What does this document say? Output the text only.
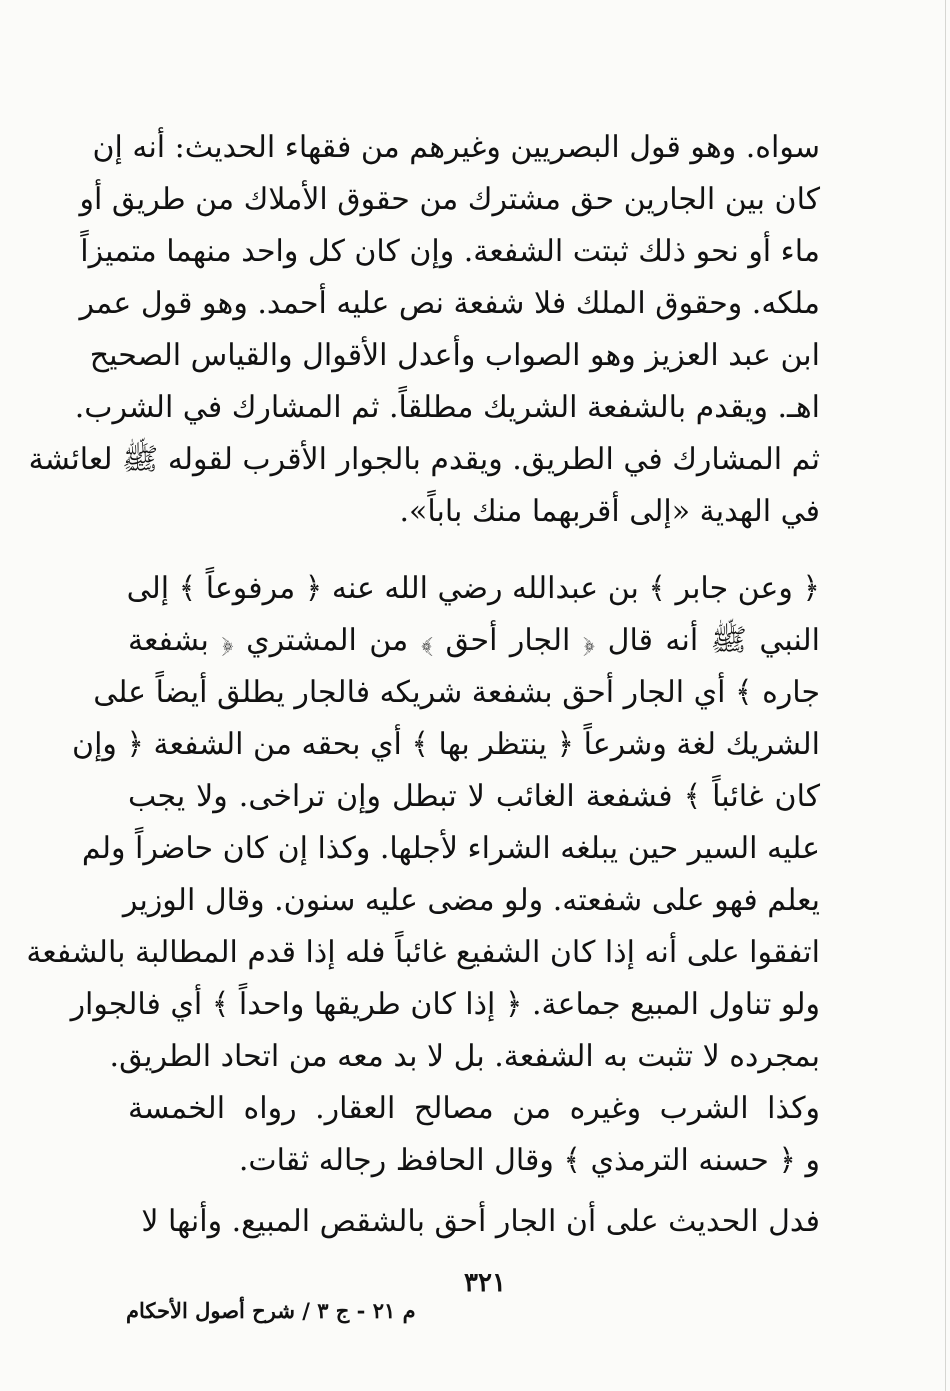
سواه. وهو قول البصريين وغيرهم من فقهاء الحديث: أنه إن
كان بين الجارين حق مشترك من حقوق الأملاك من طريق أو
ماء أو نحو ذلك ثبتت الشفعة. وإن كان كل واحد منهما متميزاً
ملكه. وحقوق الملك فلا شفعة نص عليه أحمد. وهو قول عمر
ابن عبد العزيز وهو الصواب وأعدل الأقوال والقياس الصحيح
اهـ. ويقدم بالشفعة الشريك مطلقاً. ثم المشارك في الشرب.
ثم المشارك في الطريق. ويقدم بالجوار الأقرب لقوله ﷺ لعائشة
في الهدية «إلى أقربهما منك باباً».
﴿ وعن جابر ﴾ بن عبدالله رضي الله عنه ﴿ مرفوعاً ﴾ إلى
النبي ﷺ أنه قال ﴿ الجار أحق ﴾ من المشتري ﴿ بشفعة
جاره ﴾ أي الجار أحق بشفعة شريكه فالجار يطلق أيضاً على
الشريك لغة وشرعاً ﴿ ينتظر بها ﴾ أي بحقه من الشفعة ﴿ وإن
كان غائباً ﴾ فشفعة الغائب لا تبطل وإن تراخى. ولا يجب
عليه السير حين يبلغه الشراء لأجلها. وكذا إن كان حاضراً ولم
يعلم فهو على شفعته. ولو مضى عليه سنون. وقال الوزير
اتفقوا على أنه إذا كان الشفيع غائباً فله إذا قدم المطالبة بالشفعة
ولو تناول المبيع جماعة. ﴿ إذا كان طريقها واحداً ﴾ أي فالجوار
بمجرده لا تثبت به الشفعة. بل لا بد معه من اتحاد الطريق.
وكذا الشرب وغيره من مصالح العقار. رواه الخمسة
و ﴿ حسنه الترمذي ﴾ وقال الحافظ رجاله ثقات.
فدل الحديث على أن الجار أحق بالشقص المبيع. وأنها لا
٣٢١
م ٢١ - ج ٣ / شرح أصول الأحكام
